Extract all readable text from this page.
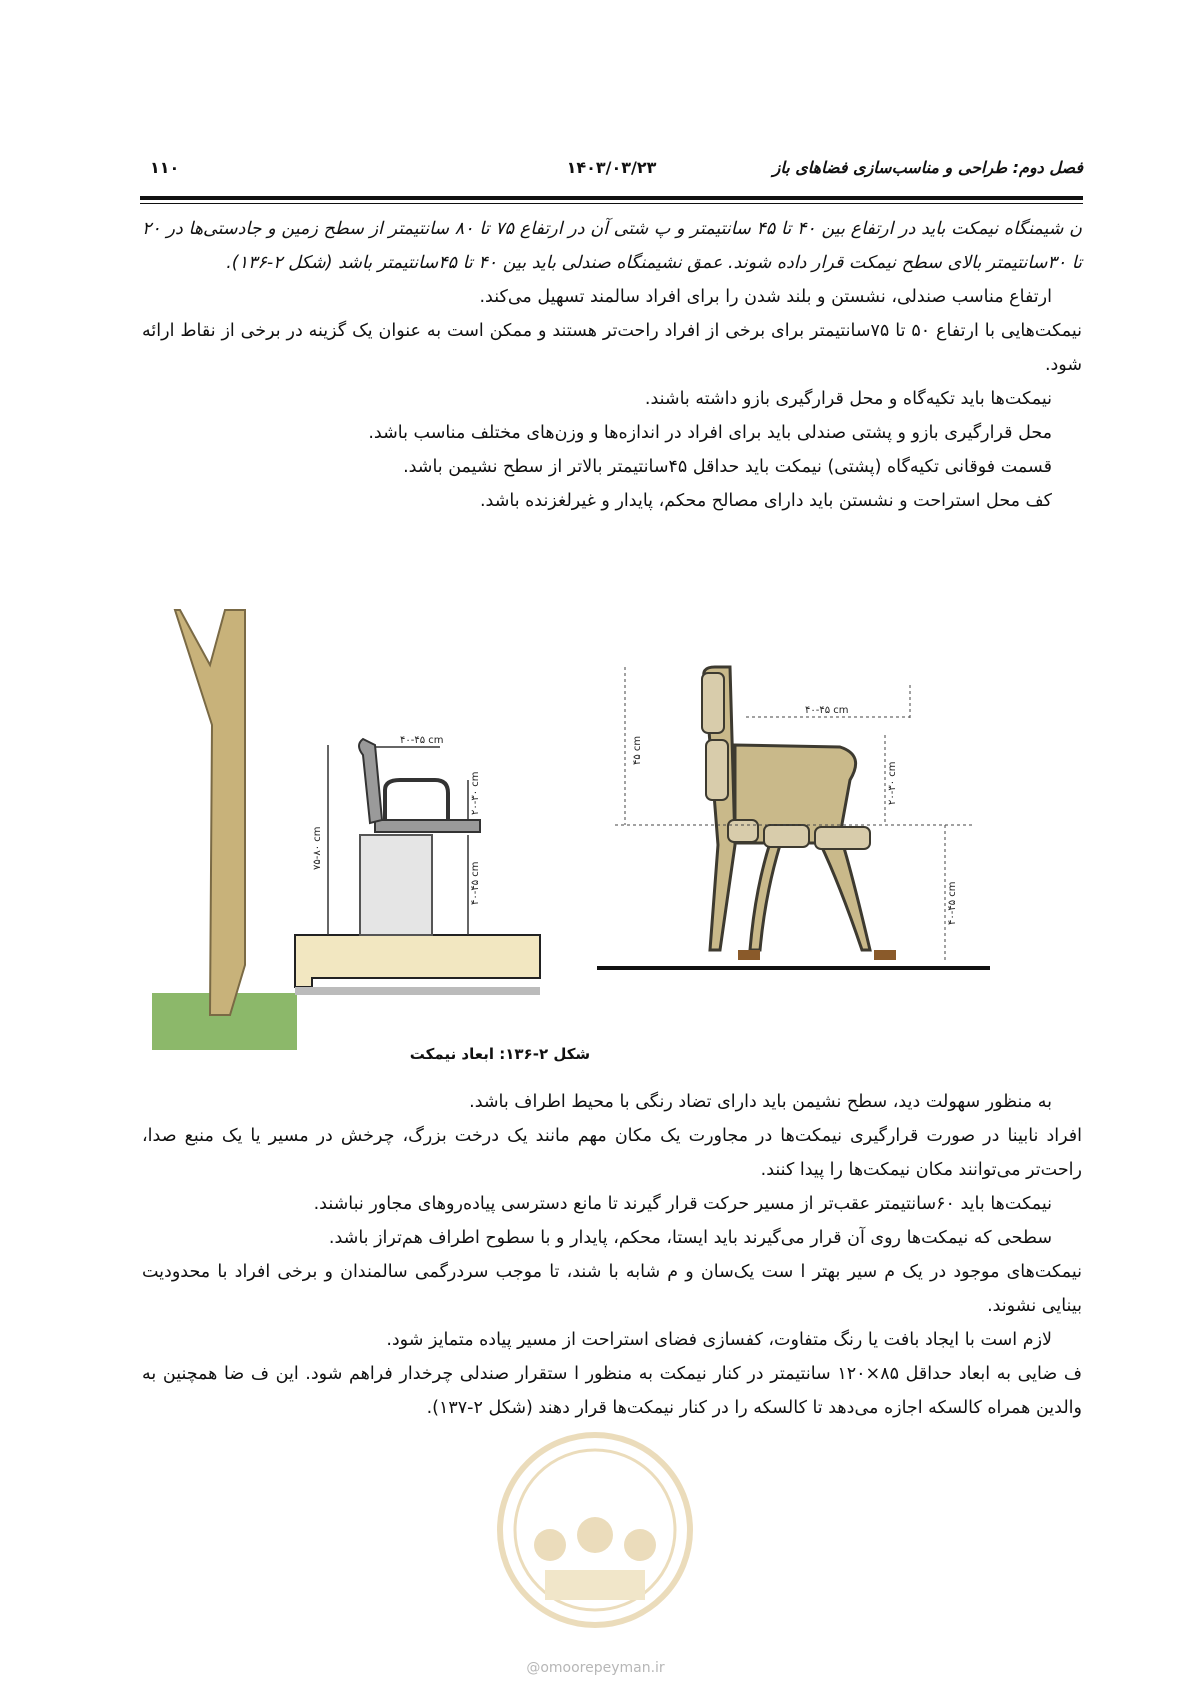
۱۱۰	۱۴۰۳/۰۳/۲۳	فصل دوم: طراحی و مناسب‌سازی فضاهای باز

ن شیمنگاه نیمکت باید در ارتفاع بین ۴۰ تا ۴۵ سانتیمتر و پ شتی آن در ارتفاع ۷۵ تا ۸۰ سانتیمتر از سطح زمین و جادستی‌ها در ۲۰ تا ۳۰سانتیمتر بالای سطح نیمکت قرار داده شوند. عمق نشیمنگاه صندلی باید بین ۴۰ تا ۴۵سانتیمتر باشد (شکل ۲-۱۳۶).

ارتفاع مناسب صندلی، نشستن و بلند شدن را برای افراد سالمند تسهیل می‌کند.

نیمکت‌هایی با ارتفاع ۵۰ تا ۷۵سانتیمتر برای برخی از افراد راحت‌تر هستند و ممکن است به عنوان یک گزینه در برخی از نقاط ارائه شود.

نیمکت‌ها باید تکیه‌گاه و محل قرارگیری بازو داشته باشند.

محل قرارگیری بازو و پشتی صندلی باید برای افراد در اندازه‌ها و وزن‌های مختلف مناسب باشد.

قسمت فوقانی تکیه‌گاه (پشتی) نیمکت باید حداقل ۴۵سانتیمتر بالاتر از سطح نشیمن باشد.

کف محل استراحت و نشستن باید دارای مصالح محکم، پایدار و غیرلغزنده باشد.

۴۰-۴۵ cm
۷۵-۸۰ cm
۲۰-۳۰ cm
۴۰-۴۵ cm
۴۰-۴۵ cm
۴۵ cm
۲۰-۳۰ cm
۴۰-۴۵ cm
شکل ۲-۱۳۶: ابعاد نیمکت

به منظور سهولت دید، سطح نشیمن باید دارای تضاد رنگی با محیط اطراف باشد.

افراد نابینا در صورت قرارگیری نیمکت‌ها در مجاورت یک مکان مهم مانند یک درخت بزرگ، چرخش در مسیر یا یک منبع صدا، راحت‌تر می‌توانند مکان نیمکت‌ها را پیدا کنند.

نیمکت‌ها باید ۶۰سانتیمتر عقب‌تر از مسیر حرکت قرار گیرند تا مانع دسترسی پیاده‌روهای مجاور نباشند.

سطحی که نیمکت‌ها روی آن قرار می‌گیرند باید ایستا، محکم، پایدار و با سطوح اطراف هم‌تراز باشد.

نیمکت‌های موجود در یک م سیر بهتر ا ست یک‌سان و م شابه با شند، تا موجب سردرگمی سالمندان و برخی افراد با محدودیت بینایی نشوند.

لازم است با ایجاد بافت یا رنگ متفاوت، کفسازی فضای استراحت از مسیر پیاده متمایز شود.

ف ضایی به ابعاد حداقل ۸۵×۱۲۰ سانتیمتر در کنار نیمکت به منظور ا ستقرار صندلی چرخدار فراهم شود. این ف ضا همچنین به والدین همراه کالسکه اجازه می‌دهد تا کالسکه را در کنار نیمکت‌ها قرار دهند (شکل ۲-۱۳۷).

@omoorepeyman.ir
